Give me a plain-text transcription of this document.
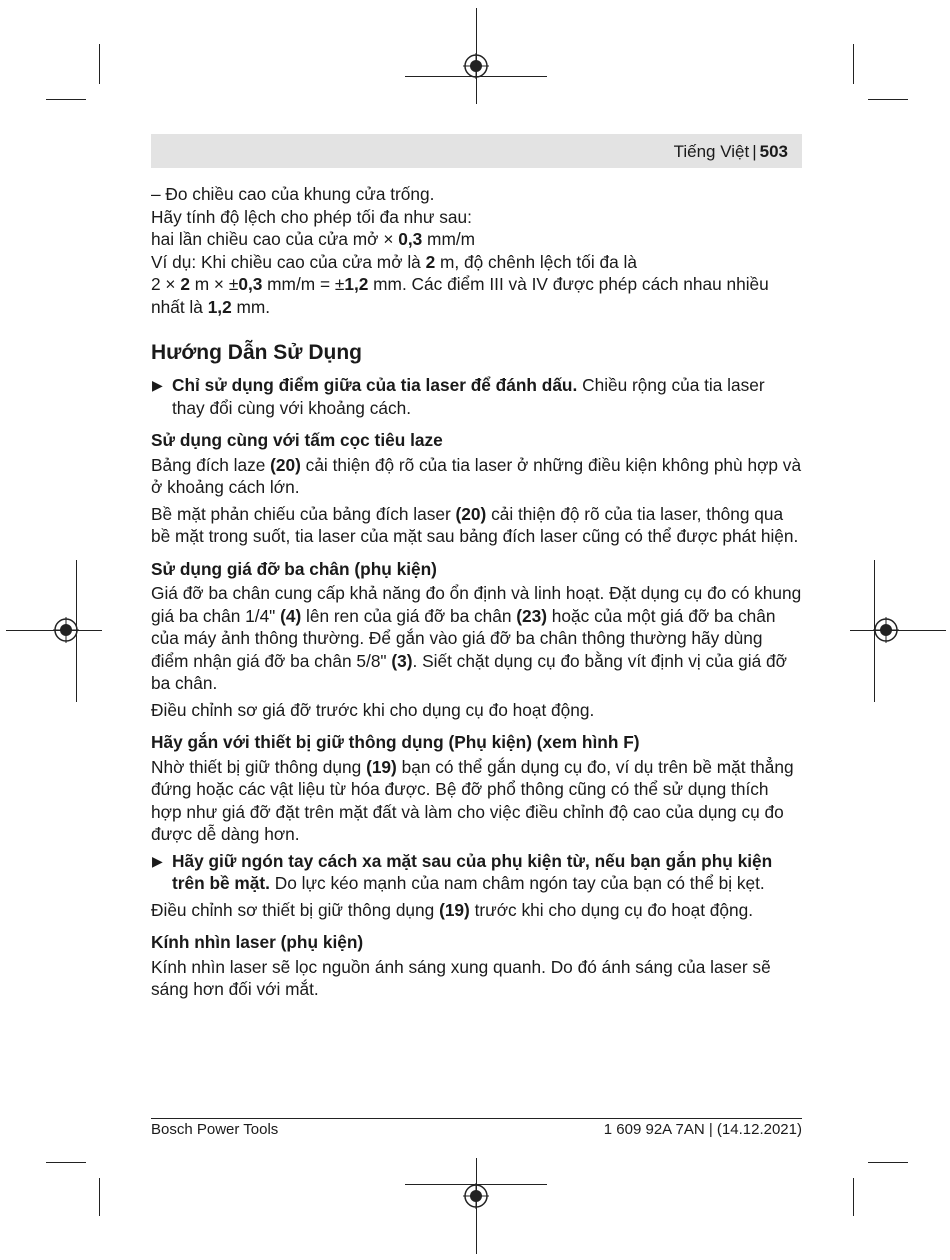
Tiếng Việt | 503

– Đo chiều cao của khung cửa trống.

Hãy tính độ lệch cho phép tối đa như sau:

hai lần chiều cao của cửa mở × 0,3 mm/m

Ví dụ: Khi chiều cao của cửa mở là 2 m, độ chênh lệch tối đa là

2 × 2 m × ±0,3 mm/m = ±1,2 mm. Các điểm III và IV được phép cách nhau nhiều nhất là 1,2 mm.

Hướng Dẫn Sử Dụng

▶ Chỉ sử dụng điểm giữa của tia laser để đánh dấu. Chiều rộng của tia laser thay đổi cùng với khoảng cách.

Sử dụng cùng với tấm cọc tiêu laze

Bảng đích laze (20) cải thiện độ rõ của tia laser ở những điều kiện không phù hợp và ở khoảng cách lớn.

Bề mặt phản chiếu của bảng đích laser (20) cải thiện độ rõ của tia laser, thông qua bề mặt trong suốt, tia laser của mặt sau bảng đích laser cũng có thể được phát hiện.

Sử dụng giá đỡ ba chân (phụ kiện)

Giá đỡ ba chân cung cấp khả năng đo ổn định và linh hoạt. Đặt dụng cụ đo có khung giá ba chân 1/4" (4) lên ren của giá đỡ ba chân (23) hoặc của một giá đỡ ba chân của máy ảnh thông thường. Để gắn vào giá đỡ ba chân thông thường hãy dùng điểm nhận giá đỡ ba chân 5/8" (3). Siết chặt dụng cụ đo bằng vít định vị của giá đỡ ba chân.

Điều chỉnh sơ giá đỡ trước khi cho dụng cụ đo hoạt động.

Hãy gắn với thiết bị giữ thông dụng (Phụ kiện) (xem hình F)

Nhờ thiết bị giữ thông dụng (19) bạn có thể gắn dụng cụ đo, ví dụ trên bề mặt thẳng đứng hoặc các vật liệu từ hóa được. Bệ đỡ phổ thông cũng có thể sử dụng thích hợp như giá đỡ đặt trên mặt đất và làm cho việc điều chỉnh độ cao của dụng cụ đo được dễ dàng hơn.

▶ Hãy giữ ngón tay cách xa mặt sau của phụ kiện từ, nếu bạn gắn phụ kiện trên bề mặt. Do lực kéo mạnh của nam châm ngón tay của bạn có thể bị kẹt.

Điều chỉnh sơ thiết bị giữ thông dụng (19) trước khi cho dụng cụ đo hoạt động.

Kính nhìn laser (phụ kiện)

Kính nhìn laser sẽ lọc nguồn ánh sáng xung quanh. Do đó ánh sáng của laser sẽ sáng hơn đối với mắt.

Bosch Power Tools	1 609 92A 7AN | (14.12.2021)
